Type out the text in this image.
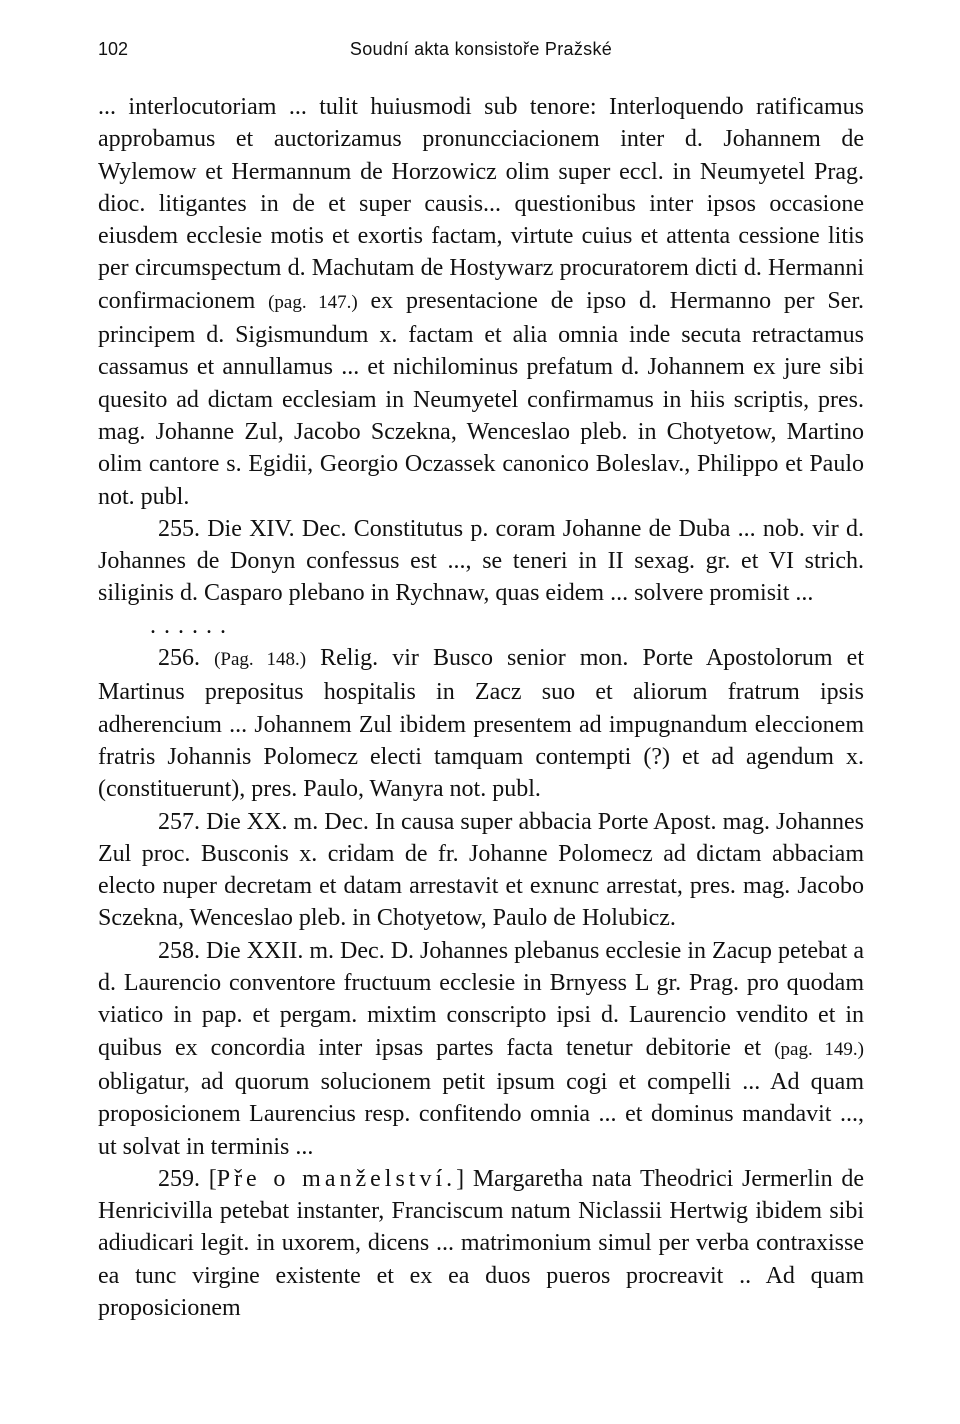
102	Soudní akta konsistoře Pražské

... interlocutoriam ... tulit huiusmodi sub tenore: Interloquendo ratificamus approbamus et auctorizamus pronuncciacionem inter d. Johannem de Wylemow et Hermannum de Horzowicz olim super eccl. in Neumyetel Prag. dioc. litigantes in de et super causis... questionibus inter ipsos occasione eiusdem ecclesie motis et exortis factam, virtute cuius et attenta cessione litis per circumspectum d. Machutam de Hostywarz procuratorem dicti d. Hermanni confirmacionem (pag. 147.) ex presentacione de ipso d. Hermanno per Ser. principem d. Sigismundum x. factam et alia omnia inde secuta retractamus cassamus et annullamus ... et nichilominus prefatum d. Johannem ex jure sibi quesito ad dictam ecclesiam in Neumyetel confirmamus in hiis scriptis, pres. mag. Johanne Zul, Jacobo Sczekna, Wenceslao pleb. in Chotyetow, Martino olim cantore s. Egidii, Georgio Oczassek canonico Boleslav., Philippo et Paulo not. publ.

255. Die XIV. Dec. Constitutus p. coram Johanne de Duba ... nob. vir d. Johannes de Donyn confessus est ..., se teneri in II sexag. gr. et VI strich. siliginis d. Casparo plebano in Rychnaw, quas eidem ... solvere promisit ...

......

256. (Pag. 148.) Relig. vir Busco senior mon. Porte Apostolorum et Martinus prepositus hospitalis in Zacz suo et aliorum fratrum ipsis adherencium ... Johannem Zul ibidem presentem ad impugnandum eleccionem fratris Johannis Polomecz electi tamquam contempti (?) et ad agendum x. (constituerunt), pres. Paulo, Wanyra not. publ.

257. Die XX. m. Dec. In causa super abbacia Porte Apost. mag. Johannes Zul proc. Busconis x. cridam de fr. Johanne Polomecz ad dictam abbaciam electo nuper decretam et datam arrestavit et exnunc arrestat, pres. mag. Jacobo Sczekna, Wenceslao pleb. in Chotyetow, Paulo de Holubicz.

258. Die XXII. m. Dec. D. Johannes plebanus ecclesie in Zacup petebat a d. Laurencio conventore fructuum ecclesie in Brnyess L gr. Prag. pro quodam viatico in pap. et pergam. mixtim conscripto ipsi d. Laurencio vendito et in quibus ex concordia inter ipsas partes facta tenetur debitorie et (pag. 149.) obligatur, ad quorum solucionem petit ipsum cogi et compelli ... Ad quam proposicionem Laurencius resp. confitendo omnia ... et dominus mandavit ..., ut solvat in terminis ...

259. [Pře o manželství.] Margaretha nata Theodrici Jermerlin de Henricivilla petebat instanter, Franciscum natum Niclassii Hertwig ibidem sibi adiudicari legit. in uxorem, dicens ... matrimonium simul per verba contraxisse ea tunc virgine existente et ex ea duos pueros procreavit .. Ad quam proposicionem
